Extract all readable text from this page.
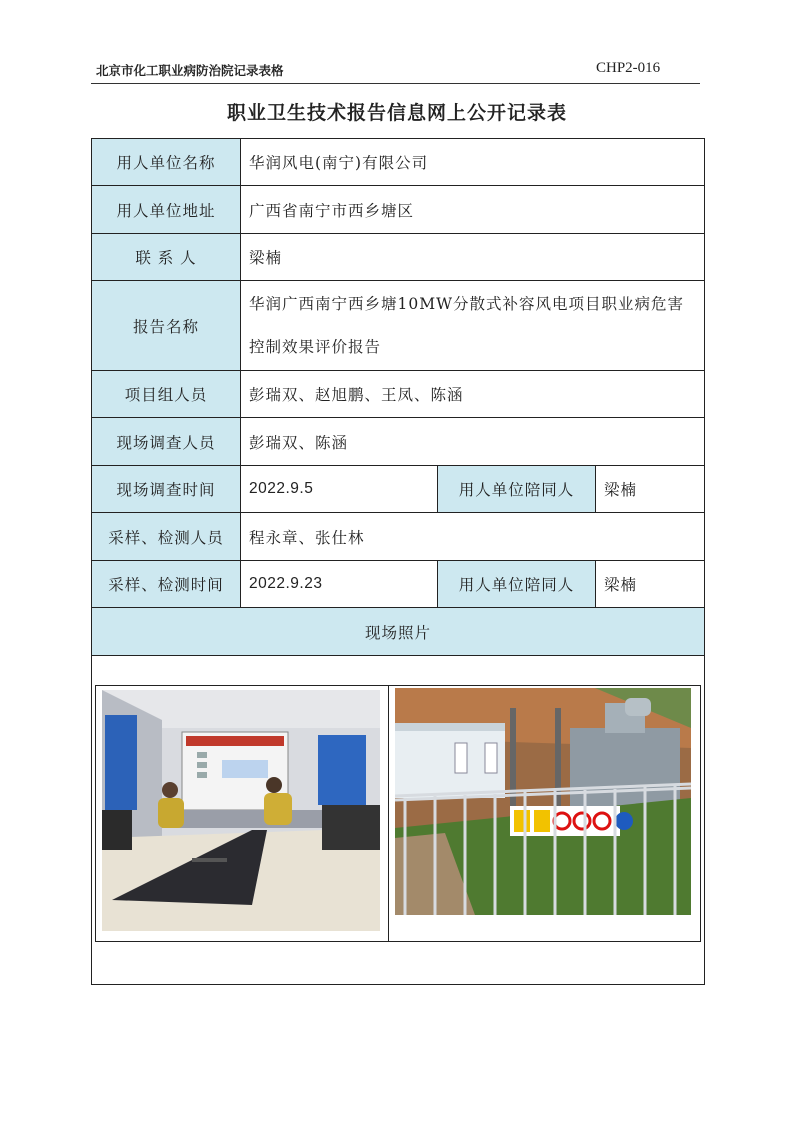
北京市化工职业病防治院记录表格	CHP2-016
职业卫生技术报告信息网上公开记录表
用人单位名称	华润风电(南宁)有限公司		
用人单位地址	广西省南宁市西乡塘区		
联 系 人	梁楠		
报告名称	华润广西南宁西乡塘10MW分散式补容风电项目职业病危害控制效果评价报告		
项目组人员	彭瑞双、赵旭鹏、王凤、陈涵		
现场调查人员	彭瑞双、陈涵		
现场调查时间	2022.9.5	用人单位陪同人	梁楠
采样、检测人员	程永章、张仕林		
采样、检测时间	2022.9.23	用人单位陪同人	梁楠
现场照片			
